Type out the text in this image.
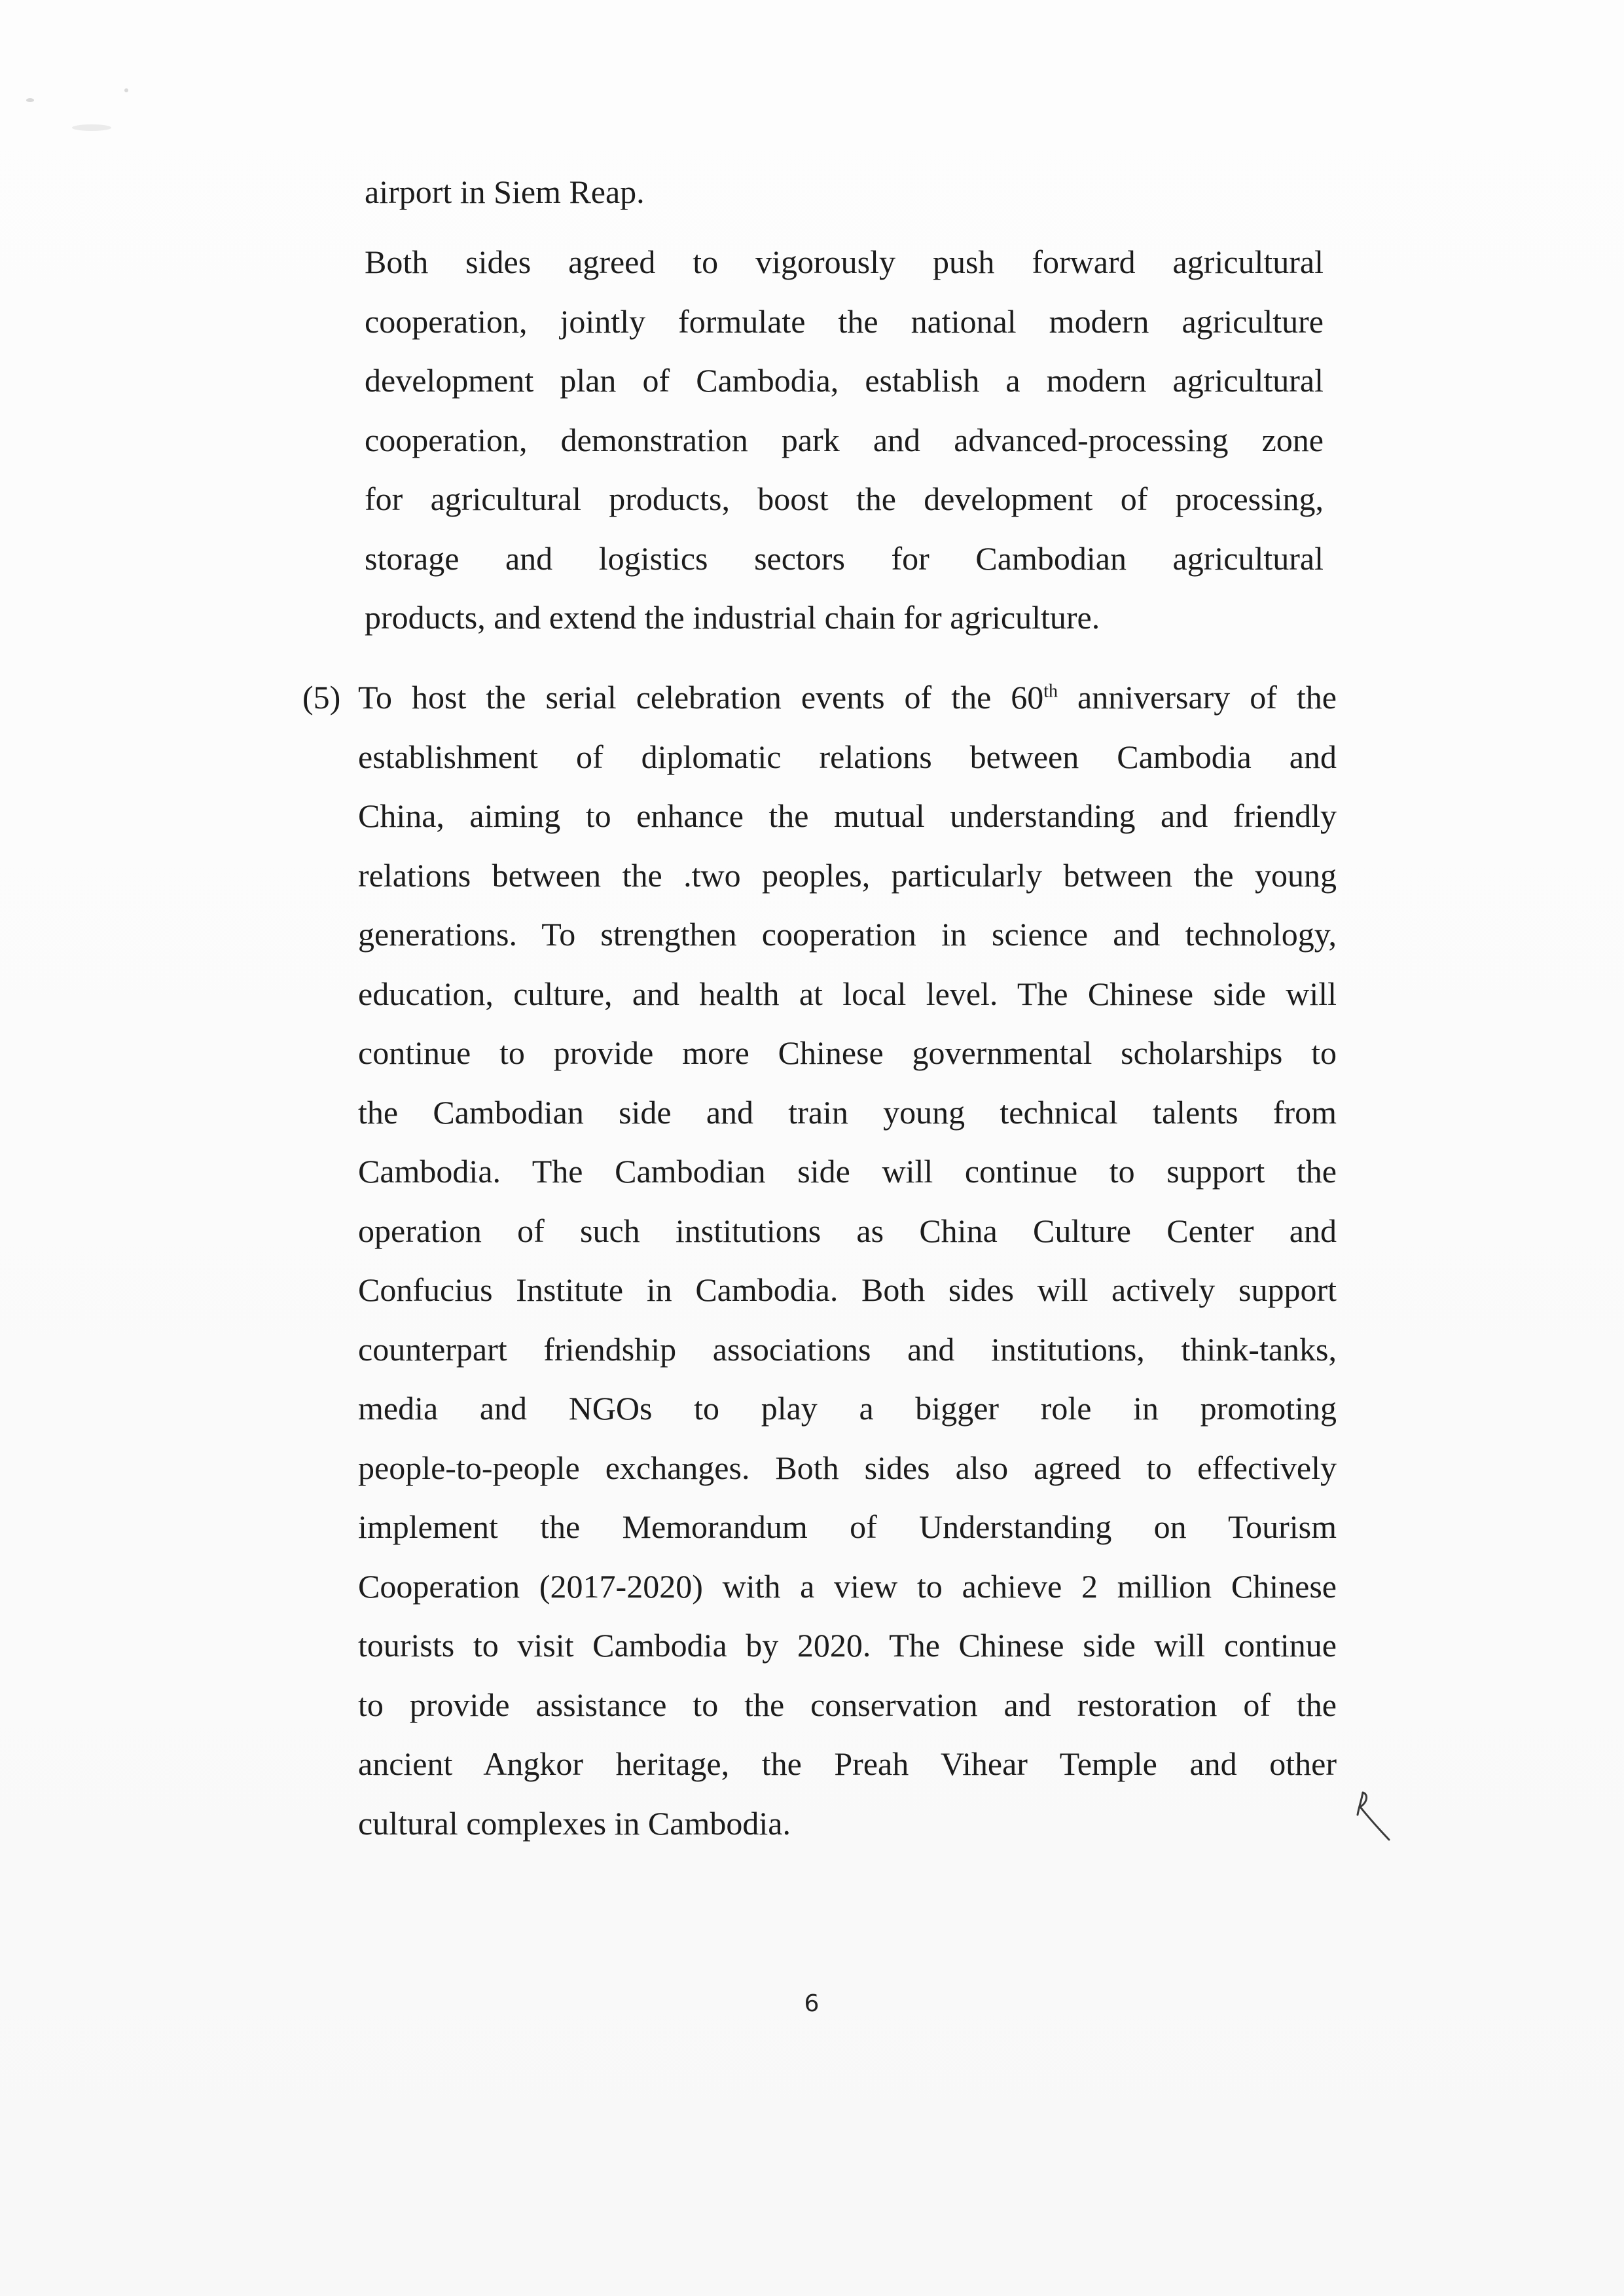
airport in Siem Reap.
Both sides agreed to vigorously push forward agricultural
cooperation, jointly formulate the national modern agriculture
development plan of Cambodia, establish a modern agricultural
cooperation, demonstration park and advanced-processing zone
for agricultural products, boost the development of processing,
storage and logistics sectors for Cambodian agricultural
products, and extend the industrial chain for agriculture.
(5) To host the serial celebration events of the 60th anniversary of the
establishment of diplomatic relations between Cambodia and
China, aiming to enhance the mutual understanding and friendly
relations between the .two peoples, particularly between the young
generations. To strengthen cooperation in science and technology,
education, culture, and health at local level. The Chinese side will
continue to provide more Chinese governmental scholarships to
the Cambodian side and train young technical talents from
Cambodia. The Cambodian side will continue to support the
operation of such institutions as China Culture Center and
Confucius Institute in Cambodia. Both sides will actively support
counterpart friendship associations and institutions, think-tanks,
media and NGOs to play a bigger role in promoting
people-to-people exchanges. Both sides also agreed to effectively
implement the Memorandum of Understanding on Tourism
Cooperation (2017-2020) with a view to achieve 2 million Chinese
tourists to visit Cambodia by 2020. The Chinese side will continue
to provide assistance to the conservation and restoration of the
ancient Angkor heritage, the Preah Vihear Temple and other
cultural complexes in Cambodia.
6
